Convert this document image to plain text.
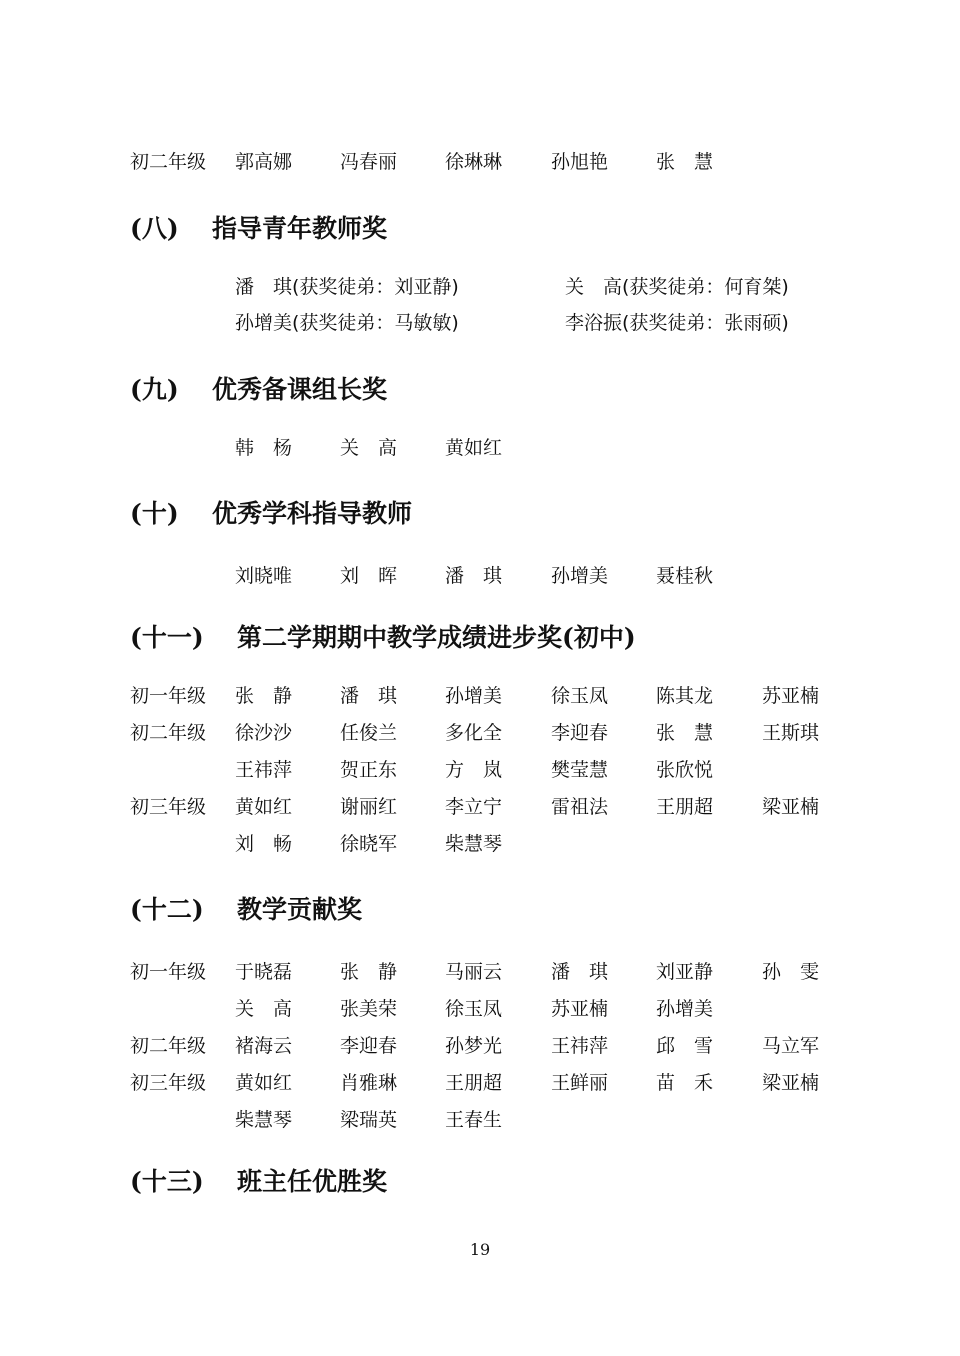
初二年级 郭高娜	冯春丽	徐琳琳	孙旭艳	张　慧
(八) 指导青年教师奖
潘　琪(获奖徒弟：刘亚静)	关　高(获奖徒弟：何育桀)
孙增美(获奖徒弟：马敏敏)	李浴振(获奖徒弟：张雨硕)
(九) 优秀备课组长奖
韩　杨	关　高	黄如红
(十) 优秀学科指导教师
刘晓唯	刘　晖	潘　琪	孙增美	聂桂秋
(十一) 第二学期期中教学成绩进步奖(初中)
初一年级 张　静	潘　琪	孙增美	徐玉凤	陈其龙	苏亚楠
初二年级 徐沙沙	任俊兰	多化全	李迎春	张　慧	王斯琪
王祎萍	贺正东	方　岚	樊莹慧	张欣悦
初三年级 黄如红	谢丽红	李立宁	雷祖法	王朋超	梁亚楠
刘　畅	徐晓军	柴慧琴
(十二) 教学贡献奖
初一年级 于晓磊	张　静	马丽云	潘　琪	刘亚静	孙　雯
关　高	张美荣	徐玉凤	苏亚楠	孙增美
初二年级 褚海云	李迎春	孙梦光	王祎萍	邱　雪	马立军
初三年级 黄如红	肖雅琳	王朋超	王鲜丽	苗　禾	梁亚楠
柴慧琴	梁瑞英	王春生
(十三) 班主任优胜奖
19
